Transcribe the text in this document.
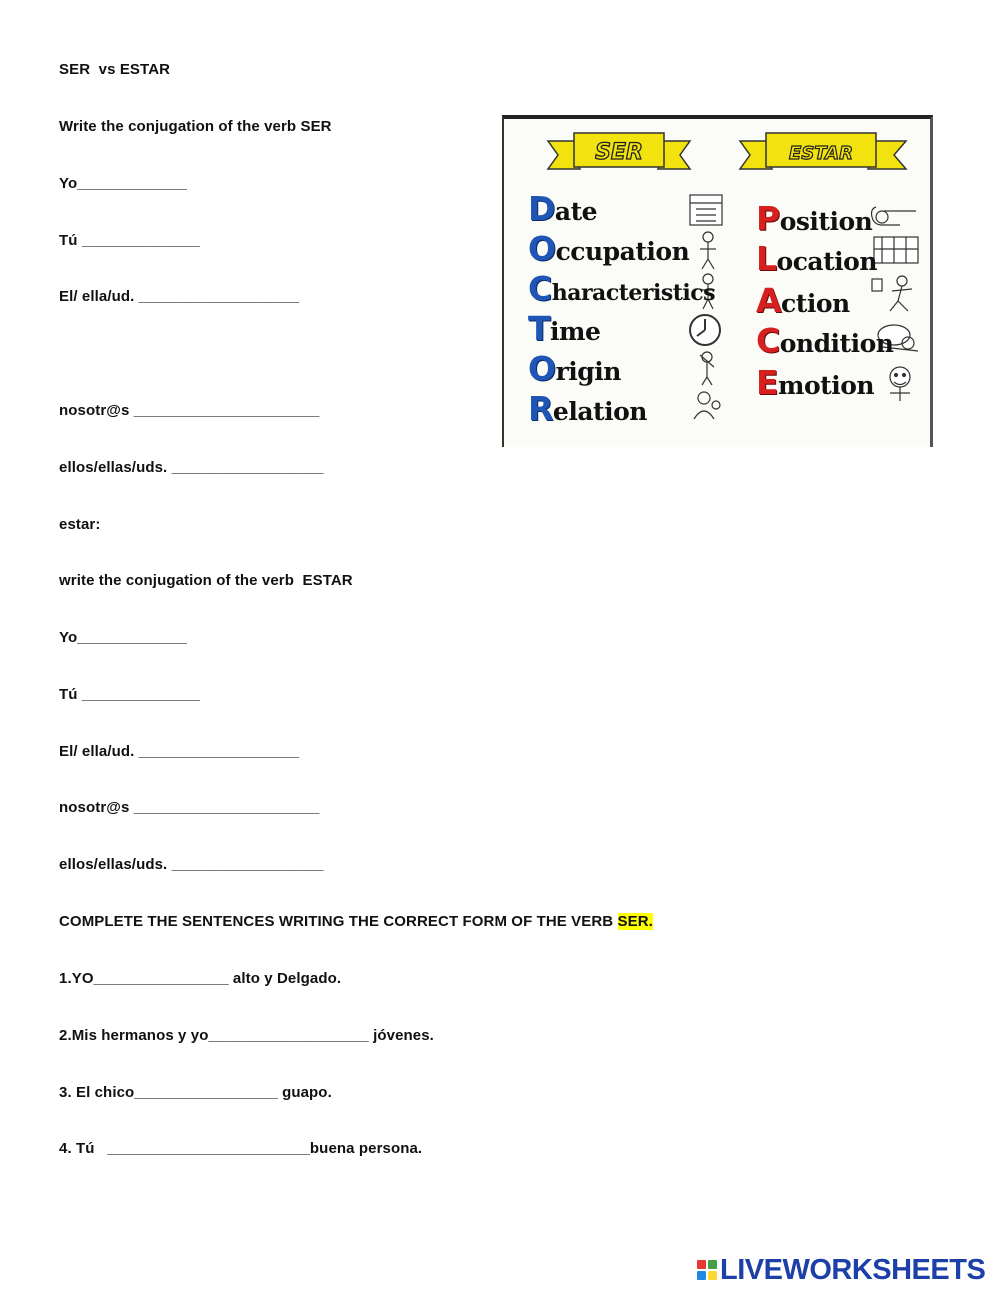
SER  vs ESTAR

Write the conjugation of the verb SER

Yo_____________

Tú ______________

El/ ella/ud. ___________________

nosotr@s ______________________

ellos/ellas/uds. __________________

estar:

write the conjugation of the verb  ESTAR

Yo_____________

Tú ______________

El/ ella/ud. ___________________

nosotr@s ______________________

ellos/ellas/uds. __________________

COMPLETE THE SENTENCES WRITING THE CORRECT FORM OF THE VERB SER.

1.YO________________ alto y Delgado.

2.Mis hermanos y yo___________________ jóvenes.

3. El chico_________________ guapo.

4. Tú   ________________________buena persona.

SER	ESTAR
Date
Occupation
Characteristics
Time
Origin
Relation
Position
Location
Action
Condition
Emotion
LIVEWORKSHEETS
